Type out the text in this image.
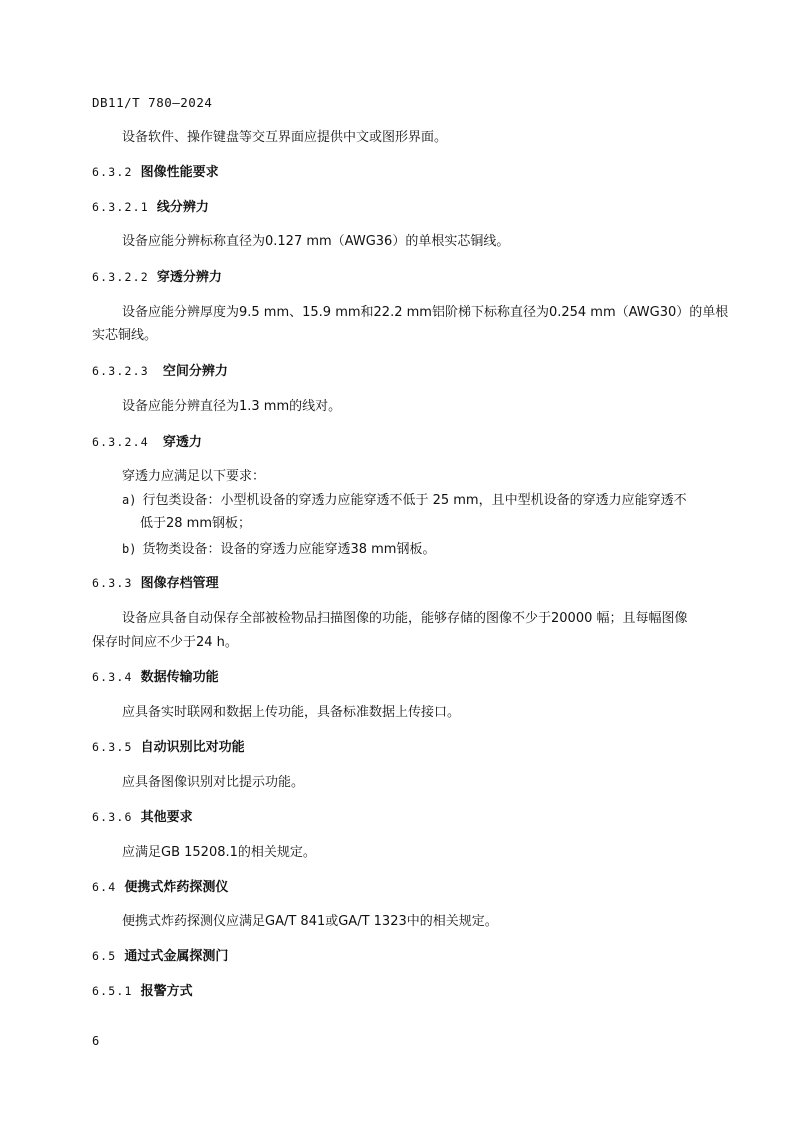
DB11/T 780—2024
设备软件、操作键盘等交互界面应提供中文或图形界面。
6.3.2 图像性能要求
6.3.2.1 线分辨力
设备应能分辨标称直径为0.127 mm（AWG36）的单根实芯铜线。
6.3.2.2 穿透分辨力
设备应能分辨厚度为9.5 mm、15.9 mm和22.2 mm铝阶梯下标称直径为0.254 mm（AWG30）的单根
实芯铜线。
6.3.2.3 空间分辨力
设备应能分辨直径为1.3 mm的线对。
6.3.2.4 穿透力
穿透力应满足以下要求：
a) 行包类设备：小型机设备的穿透力应能穿透不低于 25 mm，且中型机设备的穿透力应能穿透不
低于28 mm钢板；
b) 货物类设备：设备的穿透力应能穿透38 mm钢板。
6.3.3 图像存档管理
设备应具备自动保存全部被检物品扫描图像的功能，能够存储的图像不少于20000 幅；且每幅图像
保存时间应不少于24 h。
6.3.4 数据传输功能
应具备实时联网和数据上传功能，具备标准数据上传接口。
6.3.5 自动识别比对功能
应具备图像识别对比提示功能。
6.3.6 其他要求
应满足GB 15208.1的相关规定。
6.4 便携式炸药探测仪
便携式炸药探测仪应满足GA/T 841或GA/T 1323中的相关规定。
6.5 通过式金属探测门
6.5.1 报警方式
6
